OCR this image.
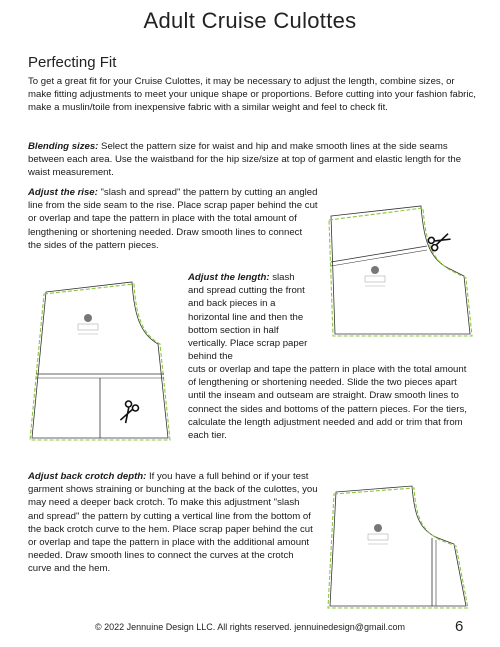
Adult Cruise Culottes
Perfecting Fit
To get a great fit for your Cruise Culottes, it may be necessary to adjust the length, combine sizes, or make fitting adjustments to meet your unique shape or proportions. Before cutting into your fashion fabric, make a muslin/toile from inexpensive fabric with a similar weight and feel to check fit.
Blending sizes: Select the pattern size for waist and hip and make smooth lines at the side seams between each area. Use the waistband for the hip size/size at top of garment and elastic length for the waist measurement.
Adjust the rise: "slash and spread" the pattern by cutting an angled line from the side seam to the rise. Place scrap paper behind the cut or overlap and tape the pattern in place with the total amount of lengthening or shortening needed. Draw smooth lines to connect the sides of the pattern pieces.
Adjust the length: slash and spread cutting the front and back pieces in a horizontal line and then the bottom section in half vertically. Place scrap paper behind the
cuts or overlap and tape the pattern in place with the total amount of lengthening or shortening needed. Slide the two pieces apart until the inseam and outseam are straight. Draw smooth lines to connect the sides and bottoms of the pattern pieces. For the tiers, calculate the length adjustment needed and add or trim that from each tier.
Adjust back crotch depth: If you have a full behind or if your test garment shows straining or bunching at the back of the culottes, you may need a deeper back crotch. To make this adjustment "slash and spread" the pattern by cutting a vertical line from the bottom of the back crotch curve to the hem. Place scrap paper behind the cut or overlap and tape the pattern in place with the additional amount needed. Draw smooth lines to connect the curves at the crotch curve and the hem.
© 2022 Jennuine Design LLC. All rights reserved. jennuinedesign@gmail.com	6
